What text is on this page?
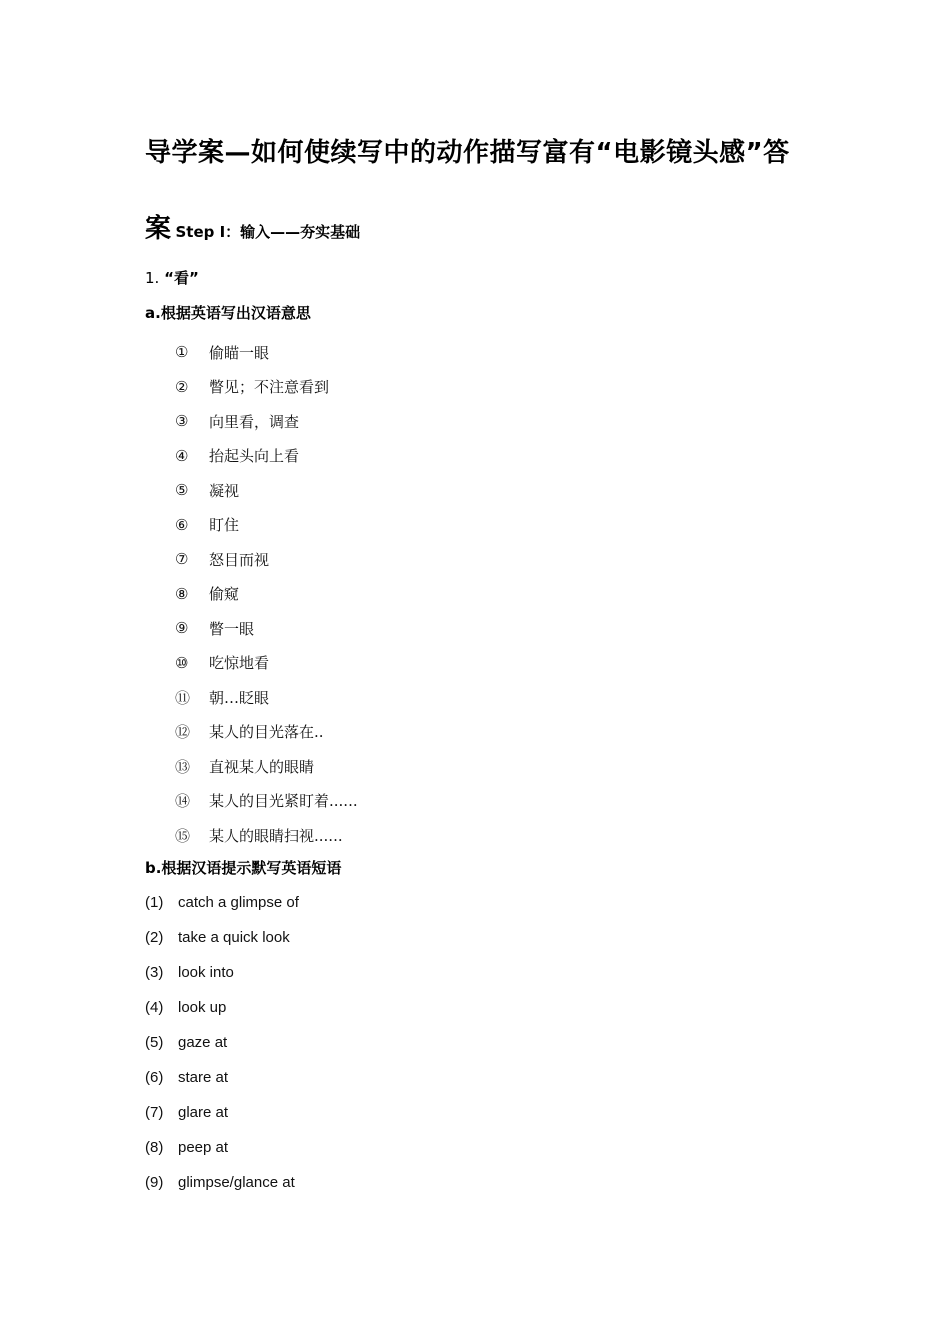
导学案—如何使续写中的动作描写富有“电影镜头感”答
案 Step I：输入——夯实基础
1. “看”
a.根据英语写出汉语意思
①	偷瞄一眼
②	瞥见；不注意看到
③	向里看，调查
④	抬起头向上看
⑤	凝视
⑥	盯住
⑦	怒目而视
⑧	偷窥
⑨	瞥一眼
⑩	吃惊地看
⑪	朝…眨眼
⑫	某人的目光落在..
⑬	直视某人的眼睛
⑭	某人的目光紧盯着......
⑮	某人的眼睛扫视......
b.根据汉语提示默写英语短语
(1) catch a glimpse of
(2) take a quick look
(3) look into
(4) look up
(5) gaze at
(6) stare at
(7) glare at
(8) peep at
(9) glimpse/glance at
